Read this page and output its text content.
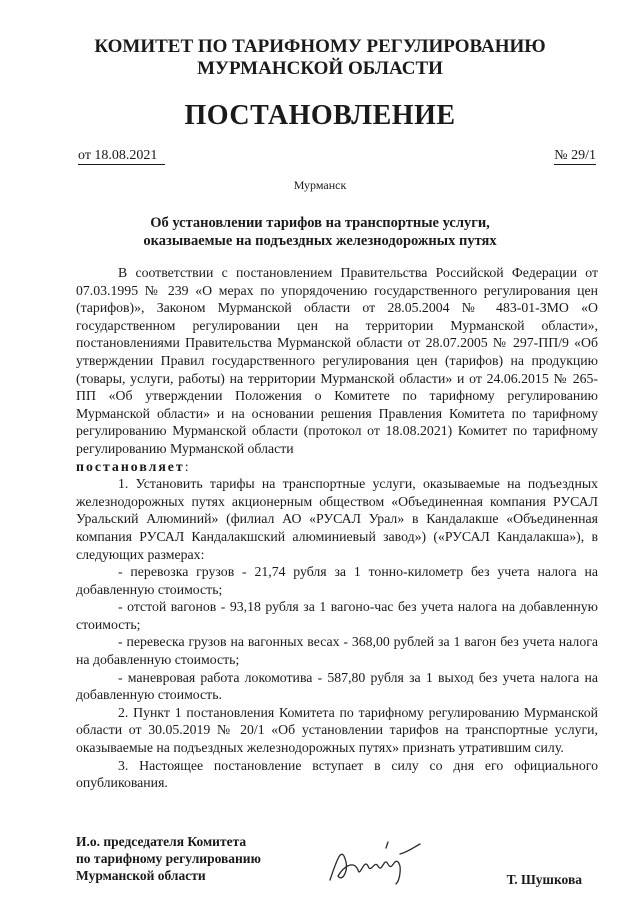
КОМИТЕТ ПО ТАРИФНОМУ РЕГУЛИРОВАНИЮ
МУРМАНСКОЙ ОБЛАСТИ
ПОСТАНОВЛЕНИЕ
от 18.08.2021	№ 29/1
Мурманск
Об установлении тарифов на транспортные услуги,
оказываемые на подъездных железнодорожных путях

В соответствии с постановлением Правительства Российской Федерации от 07.03.1995 № 239 «О мерах по упорядочению государственного регулирования цен (тарифов)», Законом Мурманской области от 28.05.2004 № 483-01-ЗМО «О государственном регулировании цен на территории Мурманской области», постановлениями Правительства Мурманской области от 28.07.2005 № 297-ПП/9 «Об утверждении Правил государственного регулирования цен (тарифов) на продукцию (товары, услуги, работы) на территории Мурманской области» и от 24.06.2015 № 265-ПП «Об утверждении Положения о Комитете по тарифному регулированию Мурманской области» и на основании решения Правления Комитета по тарифному регулированию Мурманской области (протокол от 18.08.2021) Комитет по тарифному регулированию Мурманской области

постановляет:

1. Установить тарифы на транспортные услуги, оказываемые на подъездных железнодорожных путях акционерным обществом «Объединенная компания РУСАЛ Уральский Алюминий» (филиал АО «РУСАЛ Урал» в Кандалакше «Объединенная компания РУСАЛ Кандалакшский алюминиевый завод») («РУСАЛ Кандалакша»), в следующих размерах:

- перевозка грузов - 21,74 рубля за 1 тонно-километр без учета налога на добавленную стоимость;

- отстой вагонов - 93,18 рубля за 1 вагоно-час без учета налога на добавленную стоимость;

- перевеска грузов на вагонных весах - 368,00 рублей за 1 вагон без учета налога на добавленную стоимость;

- маневровая работа локомотива - 587,80 рубля за 1 выход без учета налога на добавленную стоимость.

2. Пункт 1 постановления Комитета по тарифному регулированию Мурманской области от 30.05.2019 № 20/1 «Об установлении тарифов на транспортные услуги, оказываемые на подъездных железнодорожных путях» признать утратившим силу.

3. Настоящее постановление вступает в силу со дня его официального опубликования.

И.о. председателя Комитета
по тарифному регулированию
Мурманской области	Т. Шушкова
